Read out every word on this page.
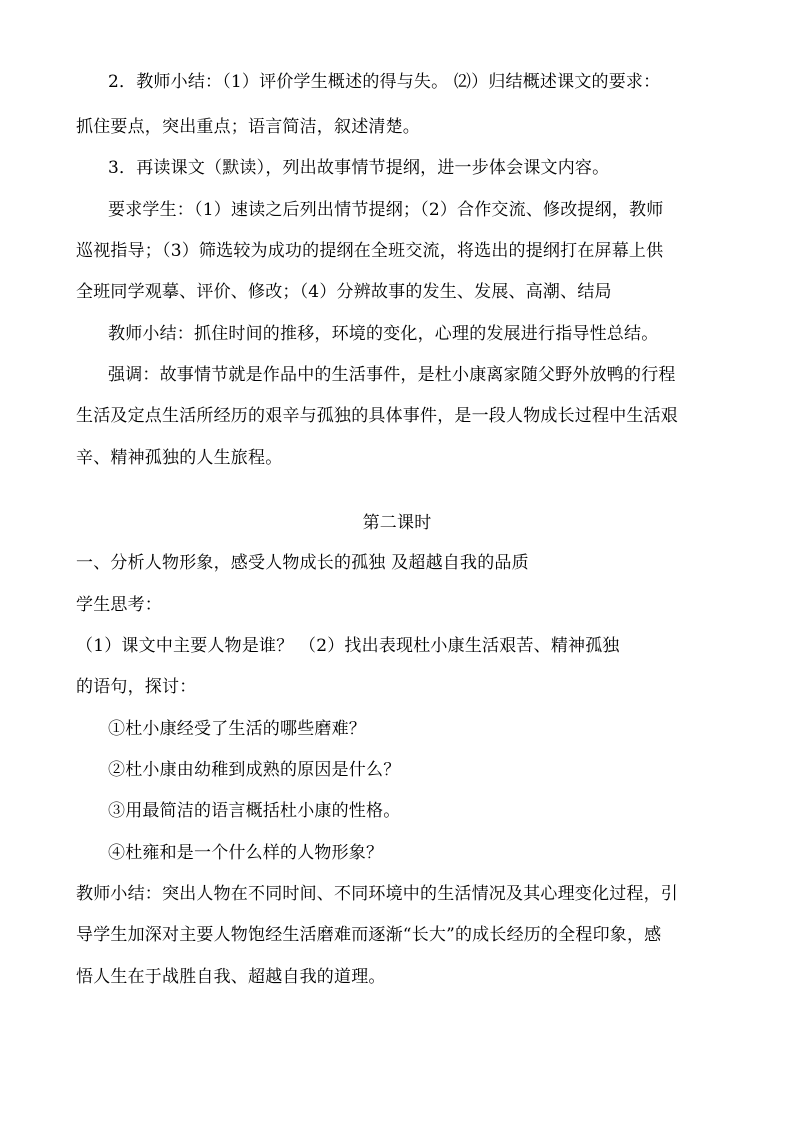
2．教师小结：（1）评价学生概述的得与失。 ⑵）归结概述课文的要求：
抓住要点，突出重点；语言简洁，叙述清楚。
3．再读课文（默读），列出故事情节提纲，进一步体会课文内容。
要求学生：（1）速读之后列出情节提纲；（2）合作交流、修改提纲，教师
巡视指导；（3）筛选较为成功的提纲在全班交流，将选出的提纲打在屏幕上供
全班同学观摹、评价、修改；（4）分辨故事的发生、发展、高潮、结局
教师小结：抓住时间的推移，环境的变化，心理的发展进行指导性总结。
强调：故事情节就是作品中的生活事件，是杜小康离家随父野外放鸭的行程
生活及定点生活所经历的艰辛与孤独的具体事件，是一段人物成长过程中生活艰
辛、精神孤独的人生旅程。
第二课时
一、分析人物形象，感受人物成长的孤独 及超越自我的品质
学生思考：
（1）课文中主要人物是谁？ （2）找出表现杜小康生活艰苦、精神孤独
的语句，探讨：
①杜小康经受了生活的哪些磨难？
②杜小康由幼稚到成熟的原因是什么？
③用最简洁的语言概括杜小康的性格。
④杜雍和是一个什么样的人物形象？
教师小结：突出人物在不同时间、不同环境中的生活情况及其心理变化过程，引
导学生加深对主要人物饱经生活磨难而逐渐“长大”的成长经历的全程印象，感
悟人生在于战胜自我、超越自我的道理。
